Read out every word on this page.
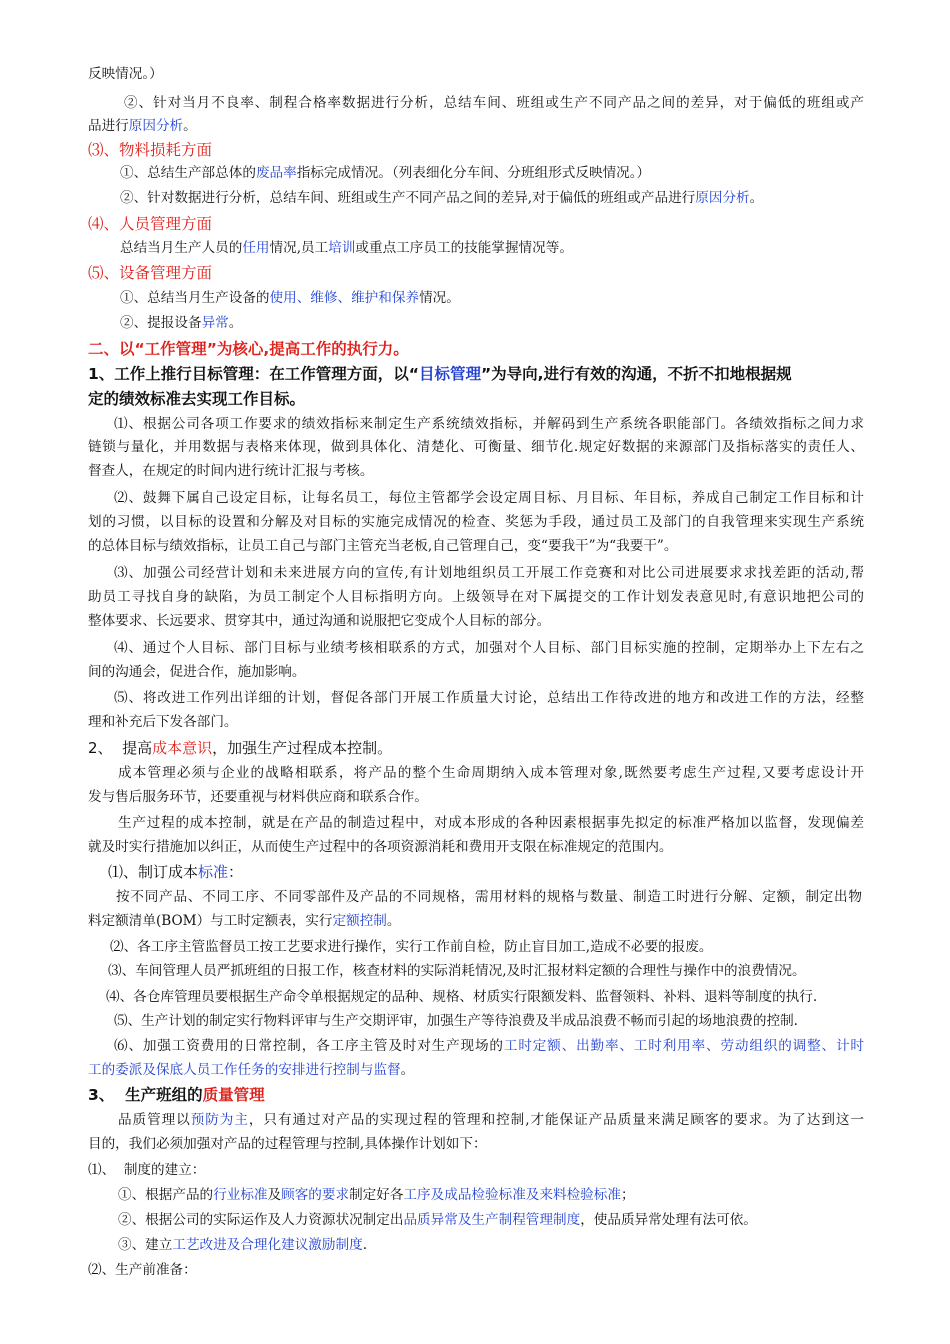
反映情况。）
②、针对当月不良率、制程合格率数据进行分析，总结车间、班组或生产不同产品之间的差异，对于偏低的班组或产
品进行原因分析。
⑶、物料损耗方面
①、总结生产部总体的废品率指标完成情况。（列表细化分车间、分班组形式反映情况。）
②、针对数据进行分析，总结车间、班组或生产不同产品之间的差异,对于偏低的班组或产品进行原因分析。
⑷、人员管理方面
总结当月生产人员的任用情况,员工培训或重点工序员工的技能掌握情况等。
⑸、设备管理方面
①、总结当月生产设备的使用、维修、维护和保养情况。
②、提报设备异常。
二、以“工作管理”为核心,提高工作的执行力。
1、工作上推行目标管理：在工作管理方面，以“目标管理”为导向,进行有效的沟通，不折不扣地根据规
定的绩效标准去实现工作目标。
⑴、根据公司各项工作要求的绩效指标来制定生产系统绩效指标，并解码到生产系统各职能部门。各绩效指标之间力求
链锁与量化，并用数据与表格来体现，做到具体化、清楚化、可衡量、细节化.规定好数据的来源部门及指标落实的责任人、
督查人，在规定的时间内进行统计汇报与考核。
⑵、鼓舞下属自己设定目标，让每名员工，每位主管都学会设定周目标、月目标、年目标，养成自己制定工作目标和计
划的习惯，以目标的设置和分解及对目标的实施完成情况的检查、奖惩为手段，通过员工及部门的自我管理来实现生产系统
的总体目标与绩效指标，让员工自己与部门主管充当老板,自己管理自己，变“要我干”为“我要干”。
⑶、加强公司经营计划和未来进展方向的宣传,有计划地组织员工开展工作竞赛和对比公司进展要求求找差距的活动,帮
助员工寻找自身的缺陷，为员工制定个人目标指明方向。上级领导在对下属提交的工作计划发表意见时,有意识地把公司的
整体要求、长远要求、贯穿其中，通过沟通和说服把它变成个人目标的部分。
⑷、通过个人目标、部门目标与业绩考核相联系的方式，加强对个人目标、部门目标实施的控制，定期举办上下左右之
间的沟通会，促进合作，施加影响。
⑸、将改进工作列出详细的计划，督促各部门开展工作质量大讨论，总结出工作待改进的地方和改进工作的方法，经整
理和补充后下发各部门。
2、  提高成本意识，加强生产过程成本控制。
成本管理必须与企业的战略相联系，将产品的整个生命周期纳入成本管理对象,既然要考虑生产过程,又要考虑设计开
发与售后服务环节，还要重视与材料供应商和联系合作。
生产过程的成本控制，就是在产品的制造过程中，对成本形成的各种因素根据事先拟定的标准严格加以监督，发现偏差
就及时实行措施加以纠正，从而使生产过程中的各项资源消耗和费用开支限在标准规定的范围内。
⑴、制订成本标准：
按不同产品、不同工序、不同零部件及产品的不同规格，需用材料的规格与数量、制造工时进行分解、定额，制定出物
料定额清单(BOM）与工时定额表，实行定额控制。
⑵、各工序主管监督员工按工艺要求进行操作，实行工作前自检，防止盲目加工,造成不必要的报废。
⑶、车间管理人员严抓班组的日报工作，核查材料的实际消耗情况,及时汇报材料定额的合理性与操作中的浪费情况。
⑷、各仓库管理员要根据生产命令单根据规定的品种、规格、材质实行限额发料、监督领料、补料、退料等制度的执行.
⑸、生产计划的制定实行物料评审与生产交期评审，加强生产等待浪费及半成品浪费不畅而引起的场地浪费的控制.
⑹、加强工资费用的日常控制，各工序主管及时对生产现场的工时定额、出勤率、工时利用率、劳动组织的调整、计时
工的委派及保底人员工作任务的安排进行控制与监督。
3、  生产班组的质量管理
品质管理以预防为主，只有通过对产品的实现过程的管理和控制,才能保证产品质量来满足顾客的要求。为了达到这一
目的，我们必须加强对产品的过程管理与控制,具体操作计划如下：
⑴、  制度的建立：
①、根据产品的行业标准及顾客的要求制定好各工序及成品检验标准及来料检验标准；
②、根据公司的实际运作及人力资源状况制定出品质异常及生产制程管理制度，使品质异常处理有法可依。
③、建立工艺改进及合理化建议激励制度.
⑵、生产前准备：
